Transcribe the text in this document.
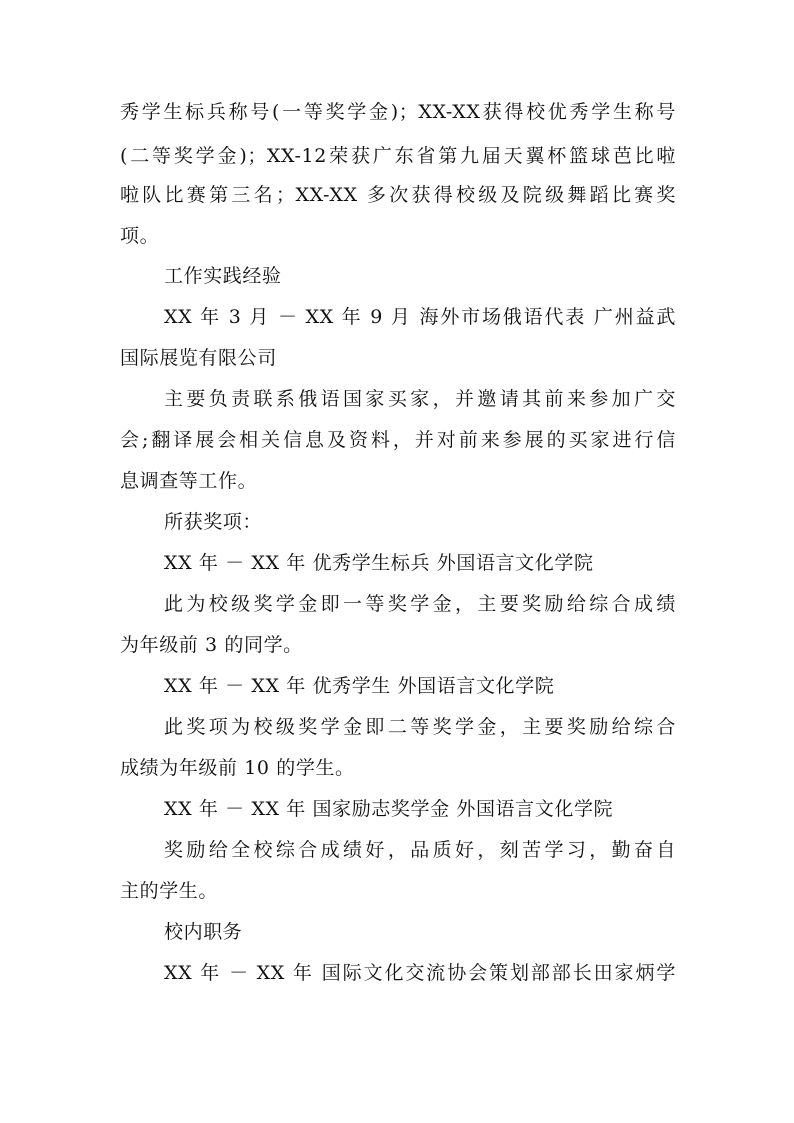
秀学生标兵称号(一等奖学金)；XX-XX获得校优秀学生称号
(二等奖学金)；XX-12荣获广东省第九届天翼杯篮球芭比啦
啦队比赛第三名；XX-XX 多次获得校级及院级舞蹈比赛奖
项。
工作实践经验
XX 年 3 月 － XX 年 9 月 海外市场俄语代表 广州益武
国际展览有限公司
主要负责联系俄语国家买家，并邀请其前来参加广交
会;翻译展会相关信息及资料，并对前来参展的买家进行信
息调查等工作。
所获奖项：
XX 年 － XX 年 优秀学生标兵 外国语言文化学院
此为校级奖学金即一等奖学金，主要奖励给综合成绩
为年级前 3 的同学。
XX 年 － XX 年 优秀学生 外国语言文化学院
此奖项为校级奖学金即二等奖学金，主要奖励给综合
成绩为年级前 10 的学生。
XX 年 － XX 年 国家励志奖学金 外国语言文化学院
奖励给全校综合成绩好，品质好，刻苦学习，勤奋自
主的学生。
校内职务
XX 年 － XX 年 国际文化交流协会策划部部长田家炳学
